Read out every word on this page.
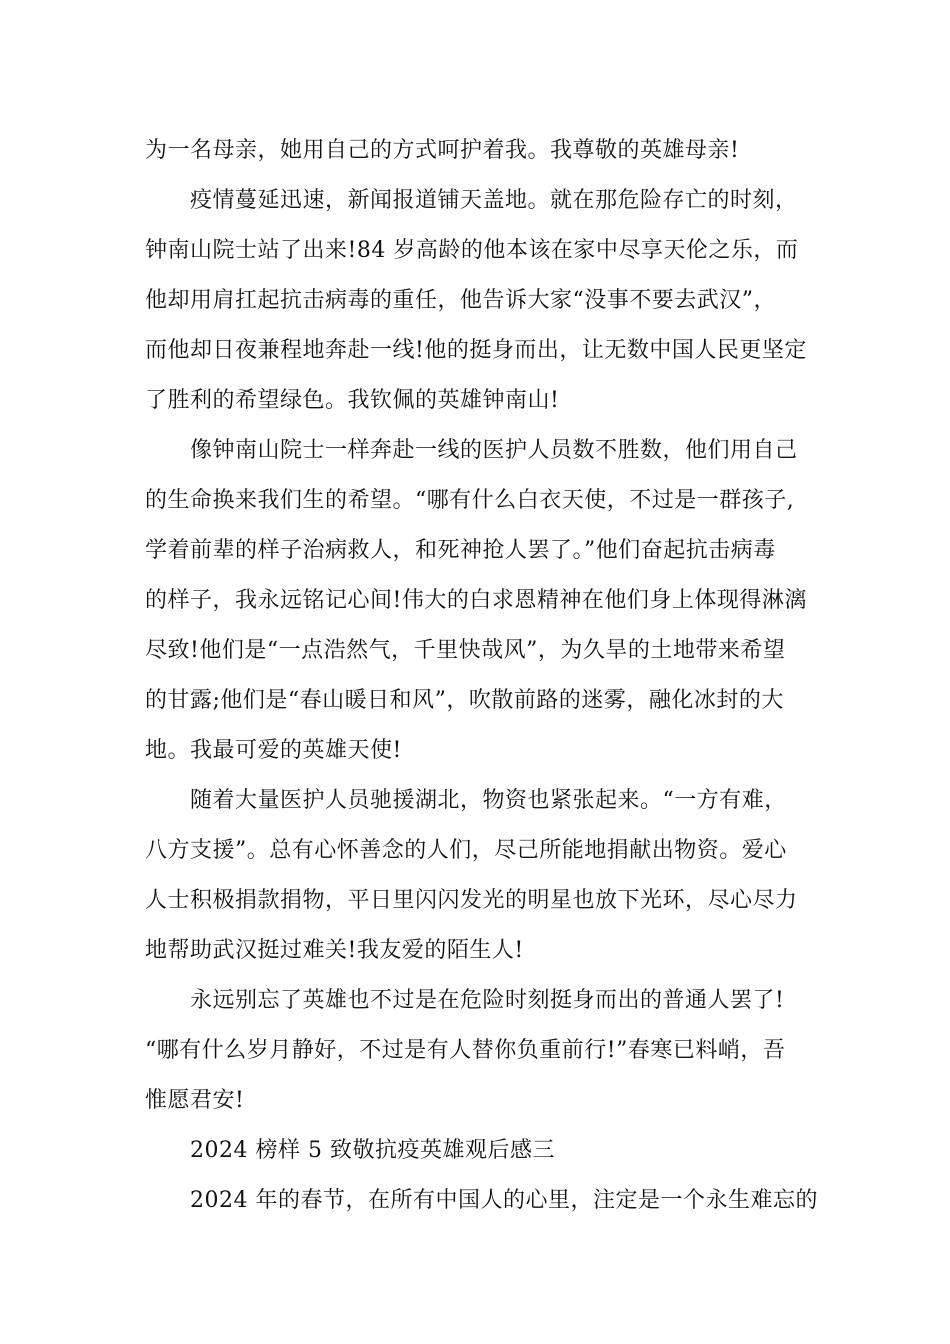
为一名母亲，她用自己的方式呵护着我。我尊敬的英雄母亲!
疫情蔓延迅速，新闻报道铺天盖地。就在那危险存亡的时刻，
钟南山院士站了出来!84 岁高龄的他本该在家中尽享天伦之乐，而
他却用肩扛起抗击病毒的重任，他告诉大家“没事不要去武汉”，
而他却日夜兼程地奔赴一线!他的挺身而出，让无数中国人民更坚定
了胜利的希望绿色。我钦佩的英雄钟南山!
像钟南山院士一样奔赴一线的医护人员数不胜数，他们用自己
的生命换来我们生的希望。“哪有什么白衣天使，不过是一群孩子,
学着前辈的样子治病救人，和死神抢人罢了。”他们奋起抗击病毒
的样子，我永远铭记心间!伟大的白求恩精神在他们身上体现得淋漓
尽致!他们是“一点浩然气，千里快哉风”，为久旱的土地带来希望
的甘露;他们是“春山暖日和风”，吹散前路的迷雾，融化冰封的大
地。我最可爱的英雄天使!
随着大量医护人员驰援湖北，物资也紧张起来。“一方有难，
八方支援”。总有心怀善念的人们，尽己所能地捐献出物资。爱心
人士积极捐款捐物，平日里闪闪发光的明星也放下光环，尽心尽力
地帮助武汉挺过难关!我友爱的陌生人!
永远别忘了英雄也不过是在危险时刻挺身而出的普通人罢了!
“哪有什么岁月静好，不过是有人替你负重前行!”春寒已料峭，吾
惟愿君安!
2024 榜样 5 致敬抗疫英雄观后感三
2024 年的春节，在所有中国人的心里，注定是一个永生难忘的
